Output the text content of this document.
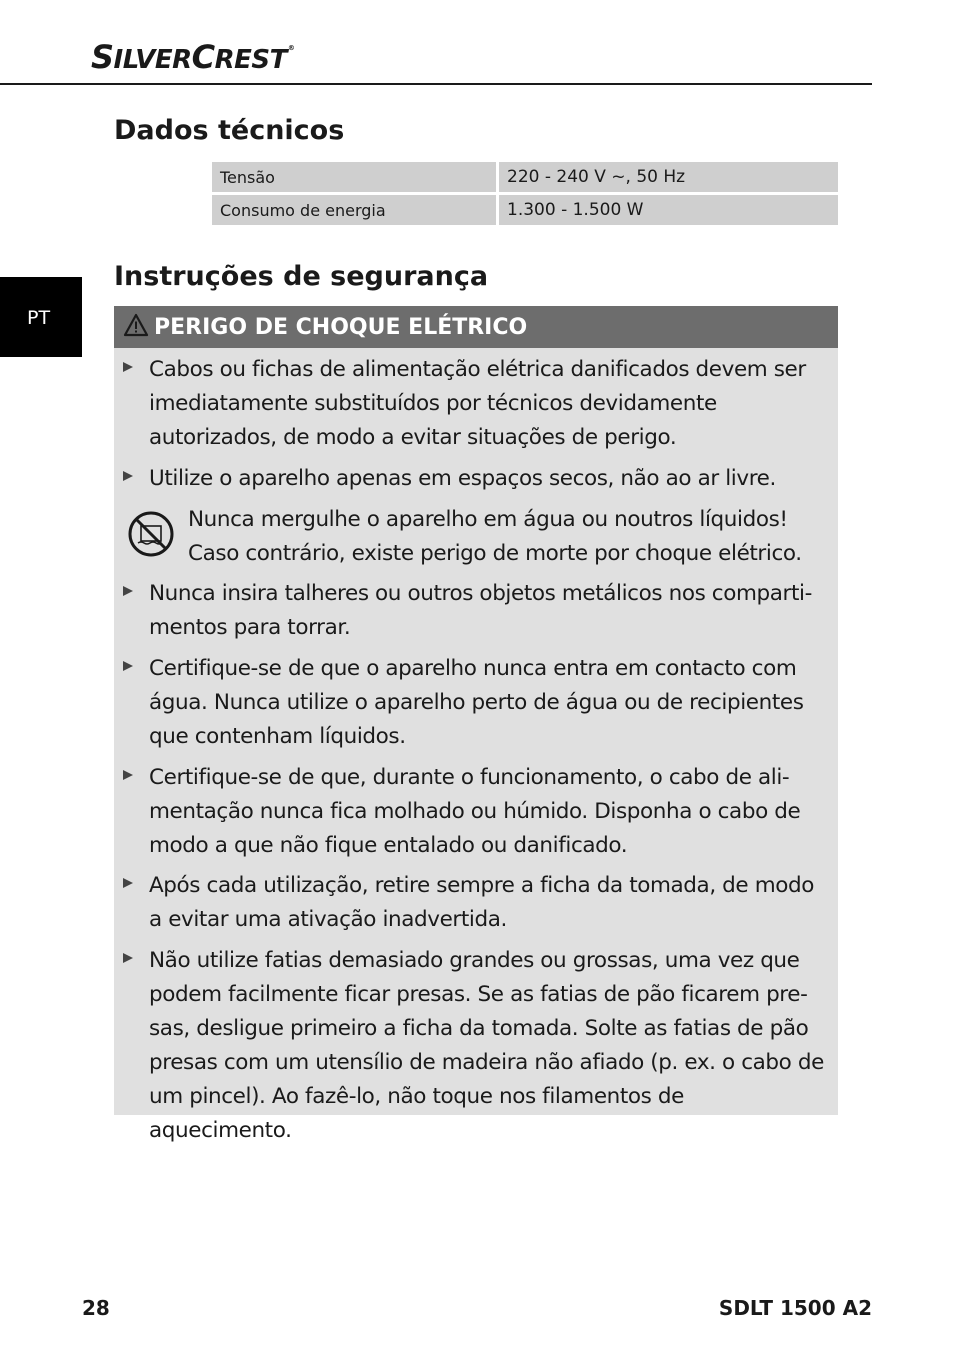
SILVERCREST®
PT
Dados técnicos
Tensão	220 - 240 V ~, 50 Hz
Consumo de energia	1.300 - 1.500 W
Instruções de segurança
PERIGO DE CHOQUE ELÉTRICO

Cabos ou fichas de alimentação elétrica danificados devem ser imediatamente substituídos por técnicos devidamente autorizados, de modo a evitar situações de perigo.

Utilize o aparelho apenas em espaços secos, não ao ar livre.

Nunca mergulhe o aparelho em água ou noutros líquidos! Caso contrário, existe perigo de morte por choque elétrico.

Nunca insira talheres ou outros objetos metálicos nos comparti-mentos para torrar.

Certifique-se de que o aparelho nunca entra em contacto com água. Nunca utilize o aparelho perto de água ou de recipientes que contenham líquidos.

Certifique-se de que, durante o funcionamento, o cabo de ali-mentação nunca fica molhado ou húmido. Disponha o cabo de modo a que não fique entalado ou danificado.

Após cada utilização, retire sempre a ficha da tomada, de modo a evitar uma ativação inadvertida.

Não utilize fatias demasiado grandes ou grossas, uma vez que podem facilmente ficar presas. Se as fatias de pão ficarem pre-sas, desligue primeiro a ficha da tomada. Solte as fatias de pão presas com um utensílio de madeira não afiado (p. ex. o cabo de um pincel). Ao fazê-lo, não toque nos filamentos de aquecimento.

28	SDLT 1500 A2
